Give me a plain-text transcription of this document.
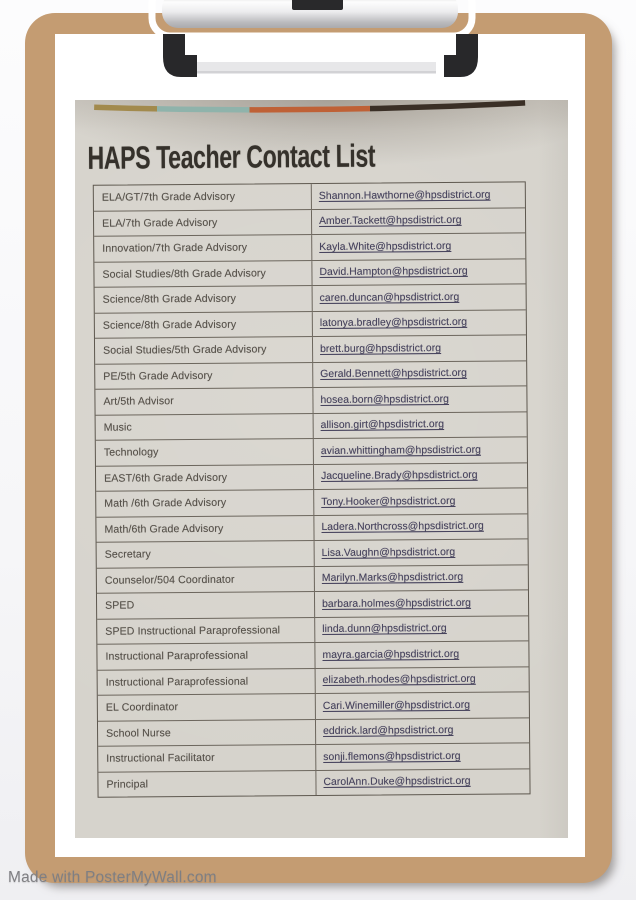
HAPS Teacher Contact List
ELA/GT/7th Grade Advisory	Shannon.Hawthorne@hpsdistrict.org
ELA/7th Grade Advisory	Amber.Tackett@hpsdistrict.org
Innovation/7th Grade Advisory	Kayla.White@hpsdistrict.org
Social Studies/8th Grade Advisory	David.Hampton@hpsdistrict.org
Science/8th Grade Advisory	caren.duncan@hpsdistrict.org
Science/8th Grade Advisory	latonya.bradley@hpsdistrict.org
Social Studies/5th Grade Advisory	brett.burg@hpsdistrict.org
PE/5th Grade Advisory	Gerald.Bennett@hpsdistrict.org
Art/5th Advisor	hosea.born@hpsdistrict.org
Music	allison.girt@hpsdistrict.org
Technology	avian.whittingham@hpsdistrict.org
EAST/6th Grade Advisory	Jacqueline.Brady@hpsdistrict.org
Math /6th Grade Advisory	Tony.Hooker@hpsdistrict.org
Math/6th Grade Advisory	Ladera.Northcross@hpsdistrict.org
Secretary	Lisa.Vaughn@hpsdistrict.org
Counselor/504 Coordinator	Marilyn.Marks@hpsdistrict.org
SPED	barbara.holmes@hpsdistrict.org
SPED Instructional Paraprofessional	linda.dunn@hpsdistrict.org
Instructional Paraprofessional	mayra.garcia@hpsdistrict.org
Instructional Paraprofessional	elizabeth.rhodes@hpsdistrict.org
EL Coordinator	Cari.Winemiller@hpsdistrict.org
School Nurse	eddrick.lard@hpsdistrict.org
Instructional Facilitator	sonji.flemons@hpsdistrict.org
Principal	CarolAnn.Duke@hpsdistrict.org
Made with PosterMyWall.com
